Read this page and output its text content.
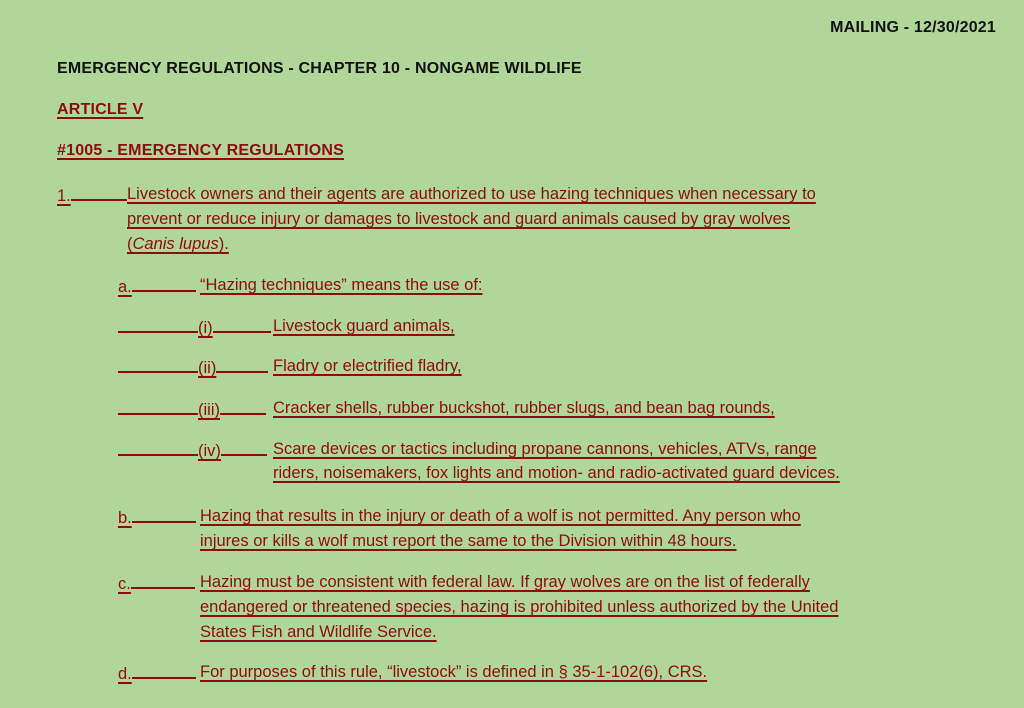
MAILING - 12/30/2021
EMERGENCY REGULATIONS - CHAPTER 10 - NONGAME WILDLIFE
ARTICLE V
#1005 - EMERGENCY REGULATIONS
1.	Livestock owners and their agents are authorized to use hazing techniques when necessary to
prevent or reduce injury or damages to livestock and guard animals caused by gray wolves
(Canis lupus).
a.	“Hazing techniques” means the use of:
(i)	Livestock guard animals,
(ii)	Fladry or electrified fladry,
(iii)	Cracker shells, rubber buckshot, rubber slugs, and bean bag rounds,
(iv)	Scare devices or tactics including propane cannons, vehicles, ATVs, range
riders, noisemakers, fox lights and motion- and radio-activated guard devices.
b.	Hazing that results in the injury or death of a wolf is not permitted. Any person who
injures or kills a wolf must report the same to the Division within 48 hours.
c.	Hazing must be consistent with federal law. If gray wolves are on the list of federally
endangered or threatened species, hazing is prohibited unless authorized by the United
States Fish and Wildlife Service.
d.	For purposes of this rule, “livestock” is defined in § 35-1-102(6), CRS.
